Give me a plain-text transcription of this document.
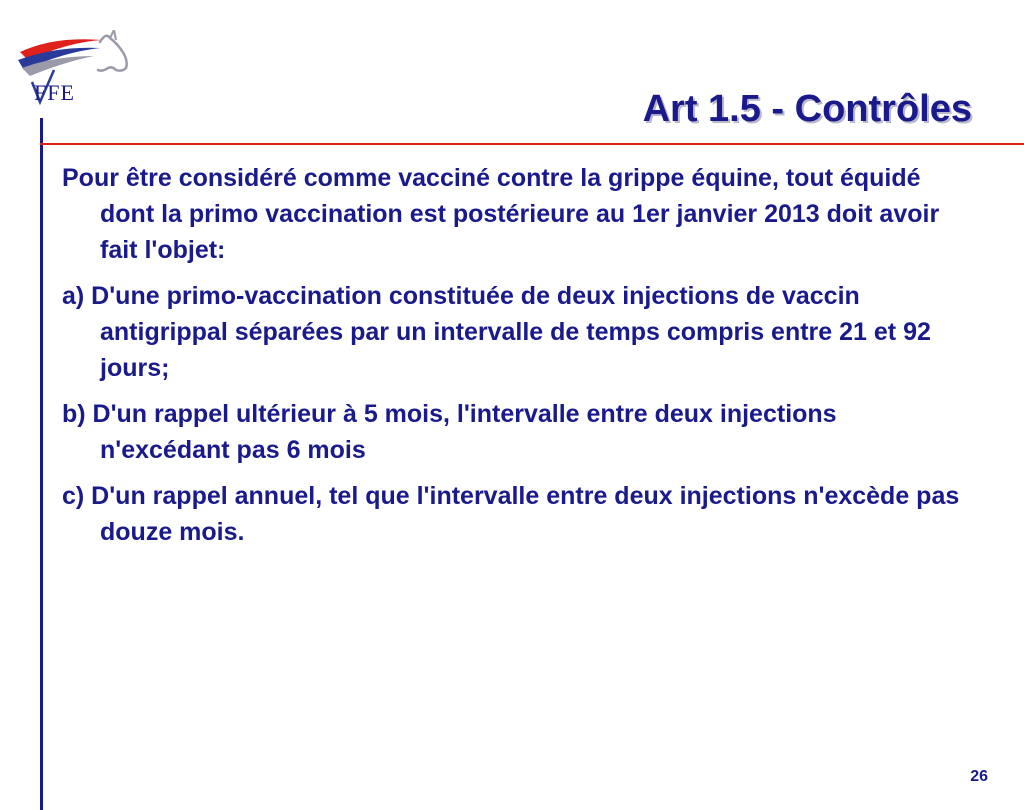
FFE	Art 1.5 - Contrôles

Pour être considéré comme vacciné contre la grippe équine, tout équidé dont la primo vaccination est postérieure au 1er janvier 2013 doit avoir fait l'objet:

a) D'une primo-vaccination constituée de deux injections de vaccin antigrippal séparées par un intervalle de temps compris entre 21 et 92 jours;

b) D'un rappel ultérieur à 5 mois, l'intervalle entre deux injections n'excédant pas 6 mois

c) D'un rappel annuel, tel que l'intervalle entre deux injections n'excède pas douze mois.

26
